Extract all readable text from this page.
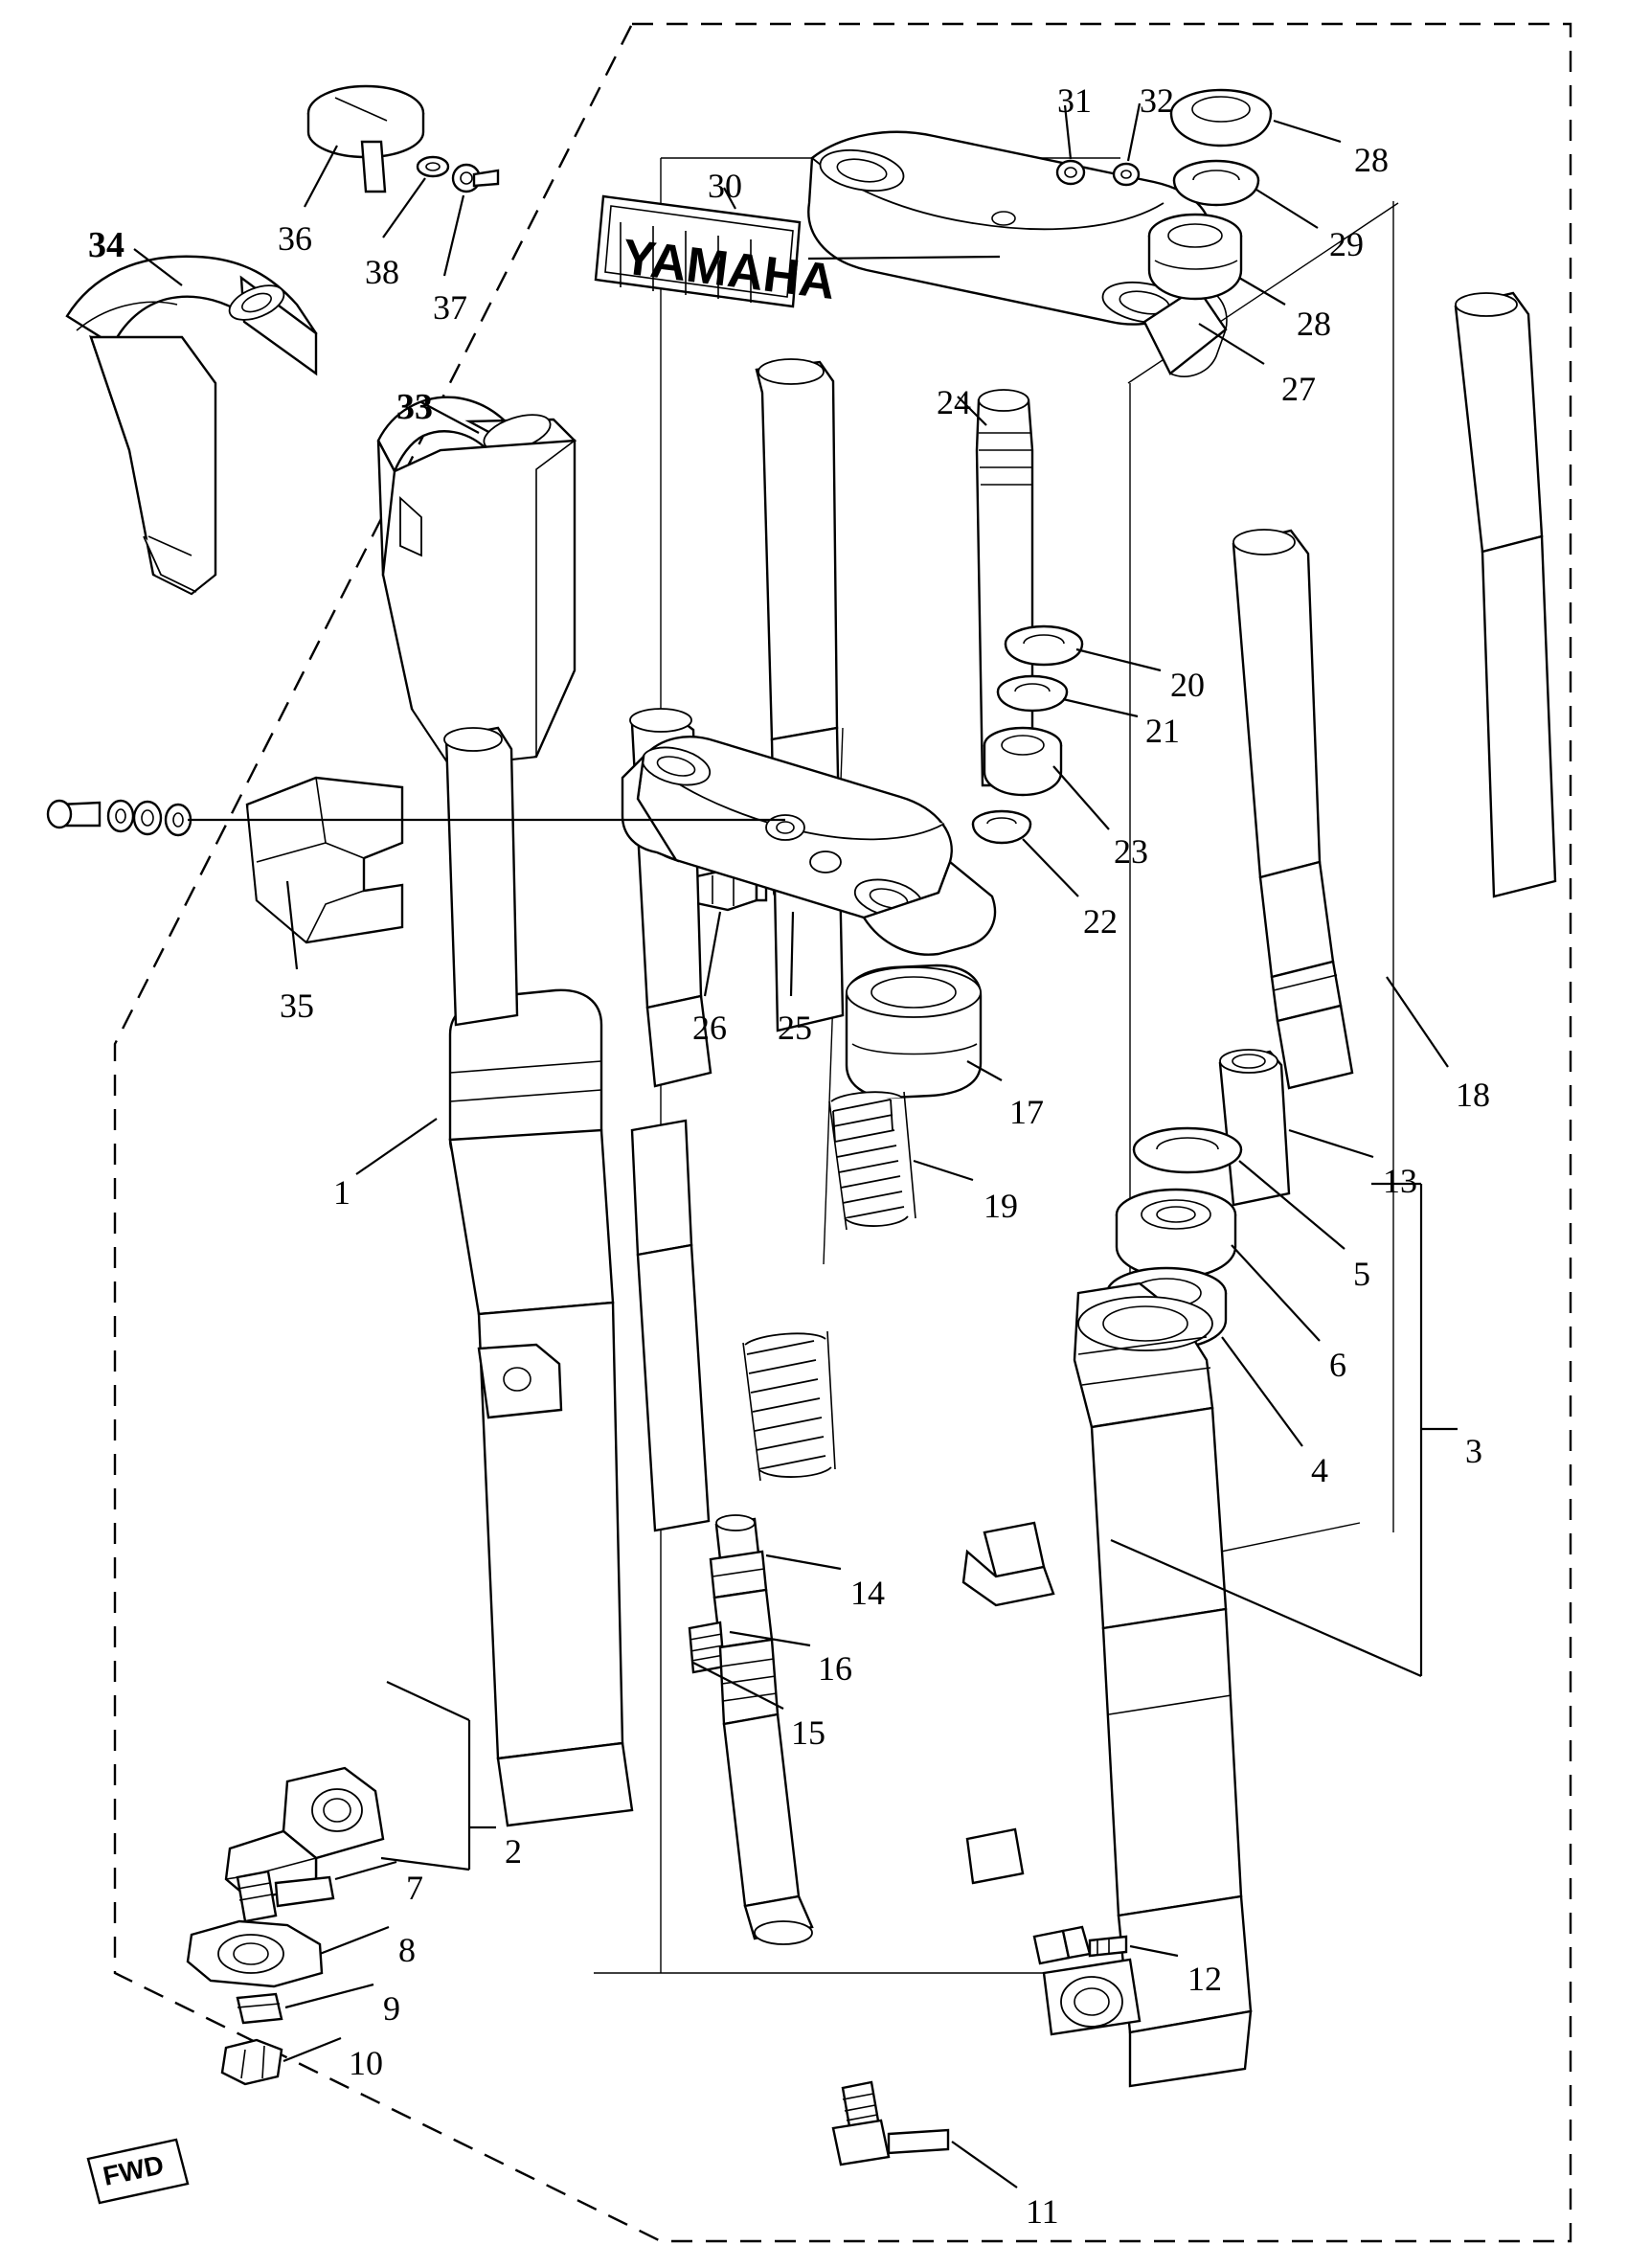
YAMAHA
FWD
1
2
3
4
5
6
7
8
9
10
11
12
13
14
15
16
17	18
19
20
21
22
23
24
25
26
27
28
28
29
30
31 32
33
34
35
36
37
38
